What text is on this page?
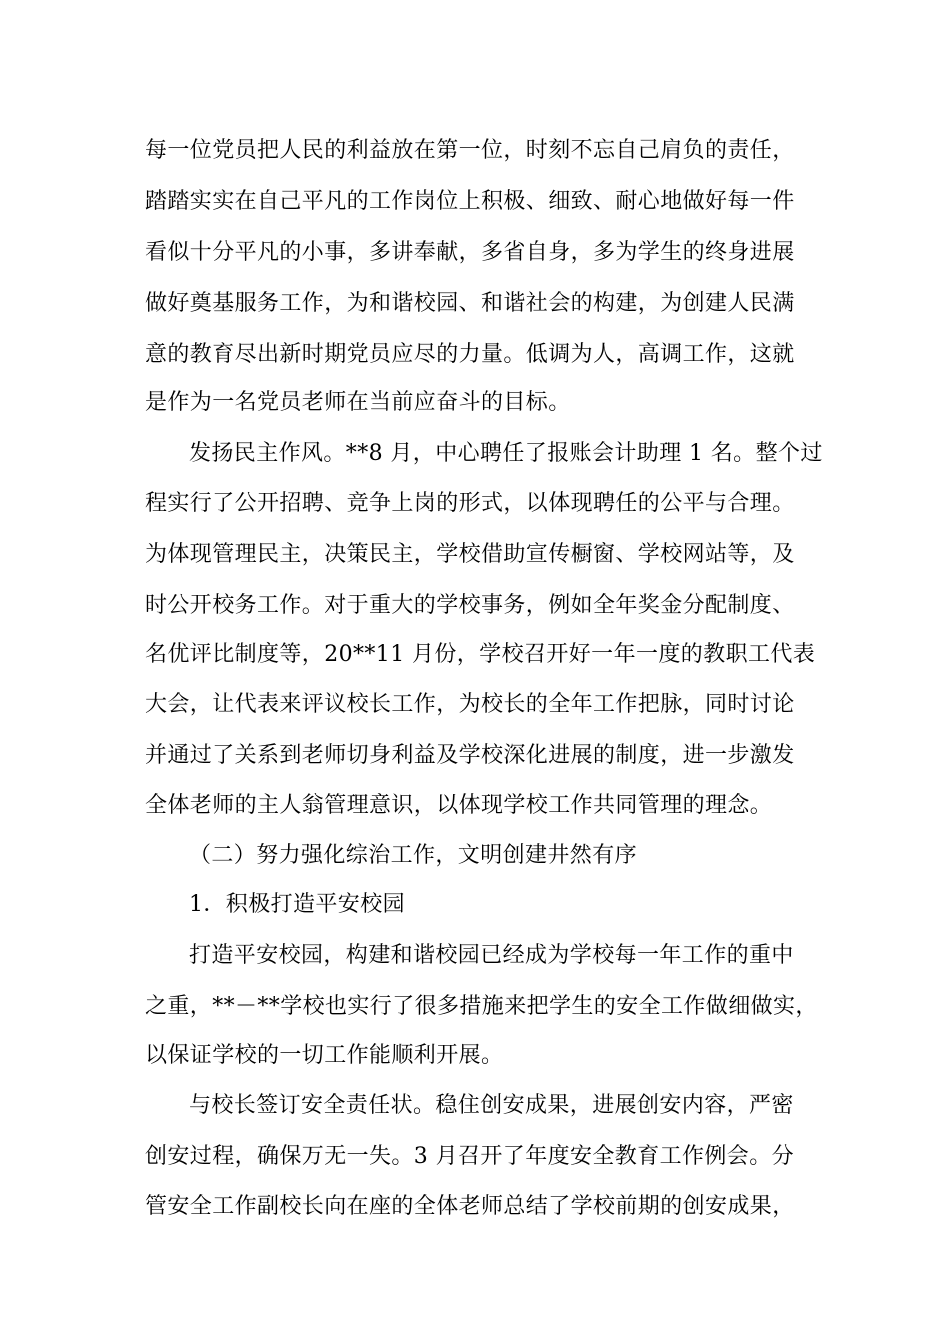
每一位党员把人民的利益放在第一位，时刻不忘自己肩负的责任，
踏踏实实在自己平凡的工作岗位上积极、细致、耐心地做好每一件
看似十分平凡的小事，多讲奉献，多省自身，多为学生的终身进展
做好奠基服务工作，为和谐校园、和谐社会的构建，为创建人民满
意的教育尽出新时期党员应尽的力量。低调为人，高调工作，这就
是作为一名党员老师在当前应奋斗的目标。
发扬民主作风。**8 月，中心聘任了报账会计助理 1 名。整个过
程实行了公开招聘、竞争上岗的形式，以体现聘任的公平与合理。
为体现管理民主，决策民主，学校借助宣传橱窗、学校网站等，及
时公开校务工作。对于重大的学校事务，例如全年奖金分配制度、
名优评比制度等，20**11 月份，学校召开好一年一度的教职工代表
大会，让代表来评议校长工作，为校长的全年工作把脉，同时讨论
并通过了关系到老师切身利益及学校深化进展的制度，进一步激发
全体老师的主人翁管理意识，以体现学校工作共同管理的理念。
（二）努力强化综治工作，文明创建井然有序
1．积极打造平安校园
打造平安校园，构建和谐校园已经成为学校每一年工作的重中
之重，**－**学校也实行了很多措施来把学生的安全工作做细做实，
以保证学校的一切工作能顺利开展。
与校长签订安全责任状。稳住创安成果，进展创安内容，严密
创安过程，确保万无一失。3 月召开了年度安全教育工作例会。分
管安全工作副校长向在座的全体老师总结了学校前期的创安成果，
